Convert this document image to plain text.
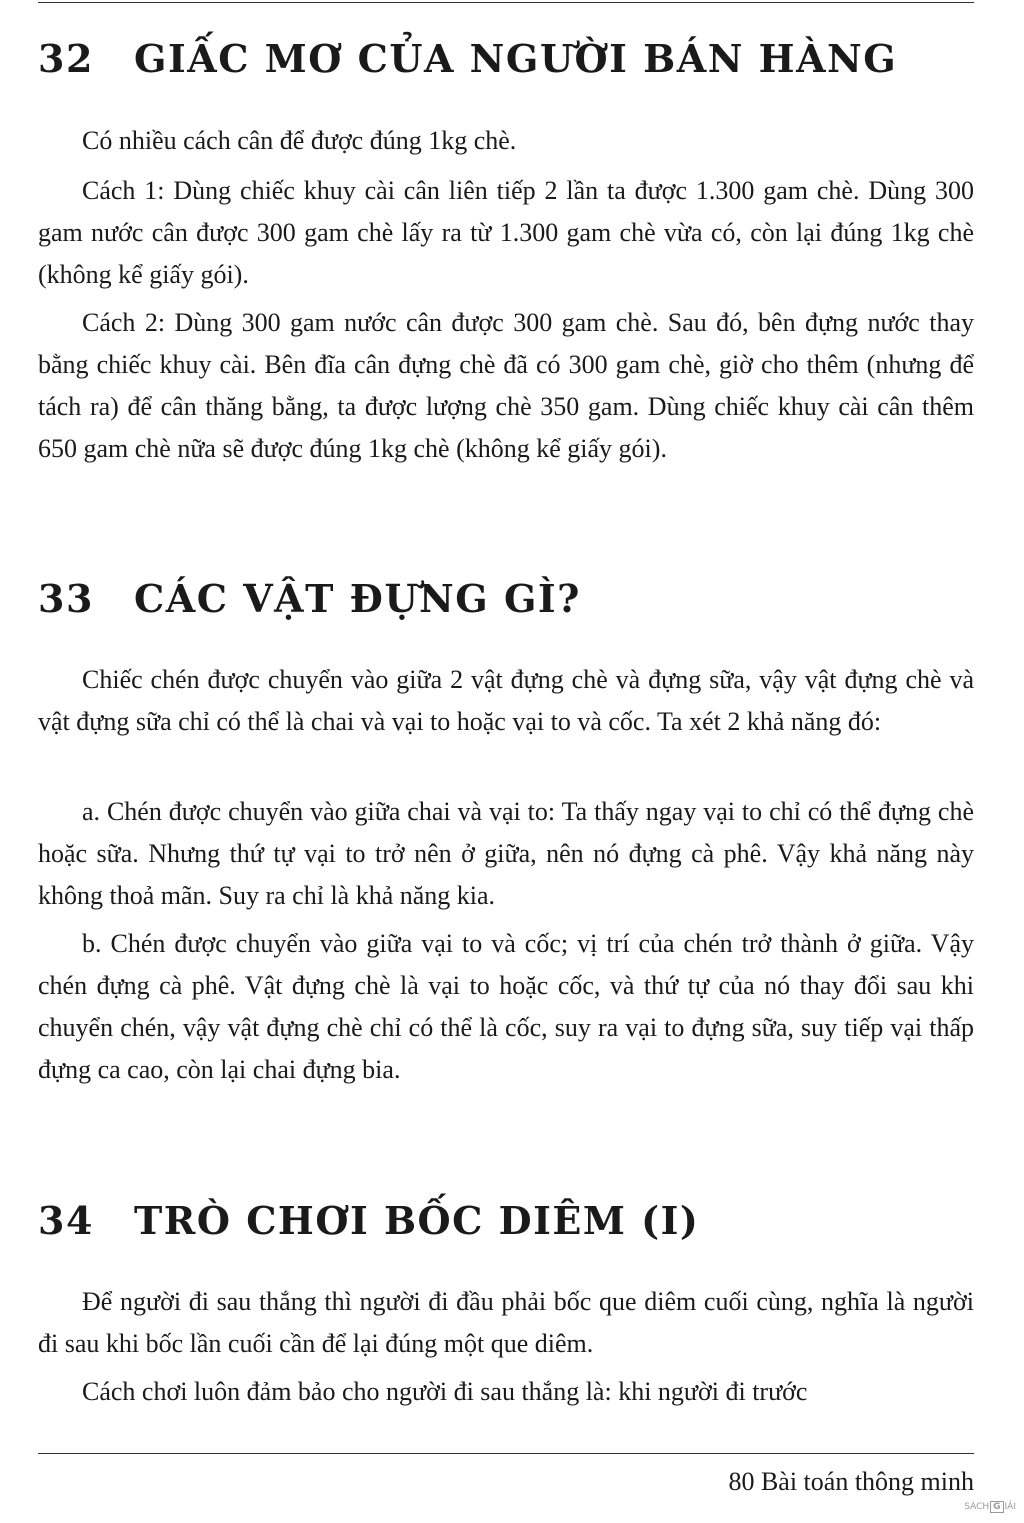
32 GIẤC MƠ CỦA NGƯỜI BÁN HÀNG

Có nhiều cách cân để được đúng 1kg chè.

Cách 1: Dùng chiếc khuy cài cân liên tiếp 2 lần ta được 1.300 gam chè. Dùng 300 gam nước cân được 300 gam chè lấy ra từ 1.300 gam chè vừa có, còn lại đúng 1kg chè (không kể giấy gói).

Cách 2: Dùng 300 gam nước cân được 300 gam chè. Sau đó, bên đựng nước thay bằng chiếc khuy cài. Bên đĩa cân đựng chè đã có 300 gam chè, giờ cho thêm (nhưng để tách ra) để cân thăng bằng, ta được lượng chè 350 gam. Dùng chiếc khuy cài cân thêm 650 gam chè nữa sẽ được đúng 1kg chè (không kể giấy gói).

33 CÁC VẬT ĐỰNG GÌ?

Chiếc chén được chuyển vào giữa 2 vật đựng chè và đựng sữa, vậy vật đựng chè và vật đựng sữa chỉ có thể là chai và vại to hoặc vại to và cốc. Ta xét 2 khả năng đó:

a. Chén được chuyển vào giữa chai và vại to: Ta thấy ngay vại to chỉ có thể đựng chè hoặc sữa. Nhưng thứ tự vại to trở nên ở giữa, nên nó đựng cà phê. Vậy khả năng này không thoả mãn. Suy ra chỉ là khả năng kia.

b. Chén được chuyển vào giữa vại to và cốc; vị trí của chén trở thành ở giữa. Vậy chén đựng cà phê. Vật đựng chè là vại to hoặc cốc, và thứ tự của nó thay đổi sau khi chuyển chén, vậy vật đựng chè chỉ có thể là cốc, suy ra vại to đựng sữa, suy tiếp vại thấp đựng ca cao, còn lại chai đựng bia.

34 TRÒ CHƠI BỐC DIÊM (I)

Để người đi sau thắng thì người đi đầu phải bốc que diêm cuối cùng, nghĩa là người đi sau khi bốc lần cuối cần để lại đúng một que diêm.

Cách chơi luôn đảm bảo cho người đi sau thắng là: khi người đi trước

80 Bài toán thông minh
SÁCH G IẢI
